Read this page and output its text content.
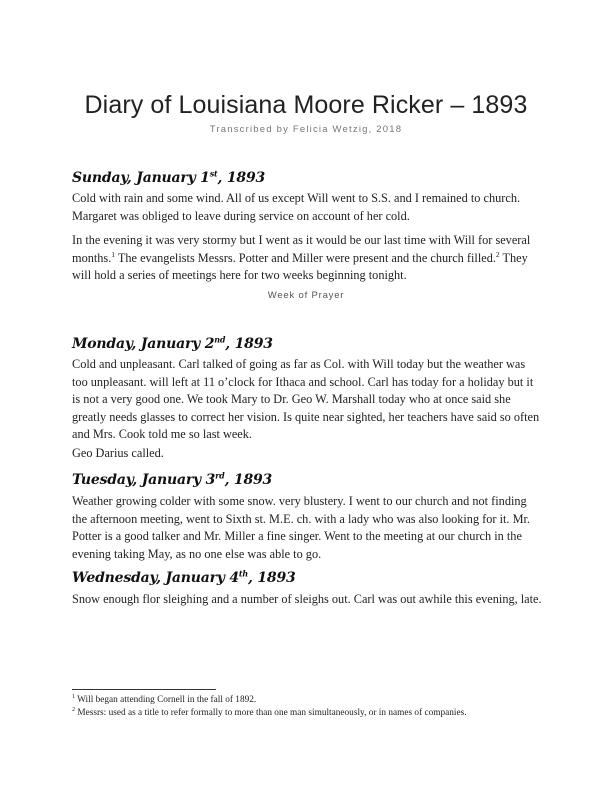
Diary of Louisiana Moore Ricker – 1893
Transcribed by Felicia Wetzig, 2018
Sunday, January 1st, 1893

Cold with rain and some wind. All of us except Will went to S.S. and I remained to church. Margaret was obliged to leave during service on account of her cold.

In the evening it was very stormy but I went as it would be our last time with Will for several months.$^1$ The evangelists Messrs. Potter and Miller were present and the church filled.$^2$ They will hold a series of meetings here for two weeks beginning tonight.

Week of Prayer
Monday, January 2nd, 1893

Cold and unpleasant. Carl talked of going as far as Col. with Will today but the weather was too unpleasant. will left at 11 o’clock for Ithaca and school. Carl has today for a holiday but it is not a very good one. We took Mary to Dr. Geo W. Marshall today who at once said she greatly needs glasses to correct her vision. Is quite near sighted, her teachers have said so often and Mrs. Cook told me so last week.

Geo Darius called.

Tuesday, January 3rd, 1893

Weather growing colder with some snow. very blustery. I went to our church and not finding the afternoon meeting, went to Sixth st. M.E. ch. with a lady who was also looking for it. Mr. Potter is a good talker and Mr. Miller a fine singer. Went to the meeting at our church in the evening taking May, as no one else was able to go.

Wednesday, January 4th, 1893

Snow enough flor sleighing and a number of sleighs out. Carl was out awhile this evening, late.

$^1$ Will began attending Cornell in the fall of 1892.

$^2$ Messrs: used as a title to refer formally to more than one man simultaneously, or in names of companies.
